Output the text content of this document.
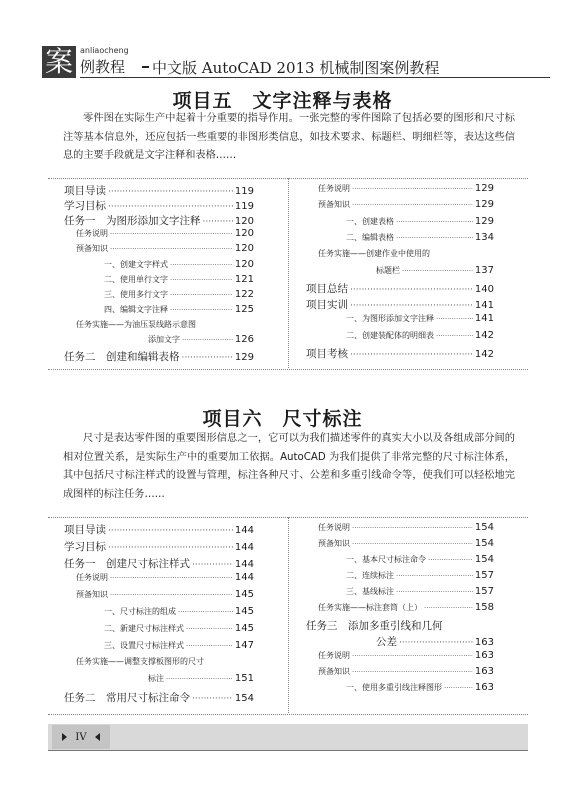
案 anliaocheng
例教程 中文版 AutoCAD 2013 机械制图案例教程
项目五　文字注释与表格

零件图在实际生产中起着十分重要的指导作用。一张完整的零件图除了包括必要的图形和尺寸标注等基本信息外，还应包括一些重要的非图形类信息，如技术要求、标题栏、明细栏等，表达这些信息的主要手段就是文字注释和表格……

项目导读 ·····	119
学习目标 ·····	119
任务一　为图形添加文字注释 ·····	120
任务说明 ·····	120
预备知识 ·····	120
一、创建文字样式 ·····	120
二、使用单行文字 ·····	121
三、使用多行文字 ·····	122
四、编辑文字注释 ·····	125
任务实施——为油压泵线路示意图
添加文字 ·····	126
任务二　创建和编辑表格 ·····	129
任务说明 ·····	129
预备知识 ·····	129
一、创建表格 ·····	129
二、编辑表格 ·····	134
任务实施——创建作业中使用的
标题栏 ·····	137
项目总结 ·····	140
项目实训 ·····	141
一、为图形添加文字注释 ·····	141
二、创建装配体的明细表 ·····	142
项目考核 ·····	142
项目六　尺寸标注

尺寸是表达零件图的重要图形信息之一，它可以为我们描述零件的真实大小以及各组成部分间的相对位置关系，是实际生产中的重要加工依据。AutoCAD 为我们提供了非常完整的尺寸标注体系，其中包括尺寸标注样式的设置与管理，标注各种尺寸、公差和多重引线命令等，使我们可以轻松地完成图样的标注任务……

项目导读 ·····	144
学习目标 ·····	144
任务一　创建尺寸标注样式 ·····	144
任务说明 ·····	144
预备知识 ·····	145
一、尺寸标注的组成 ·····	145
二、新建尺寸标注样式 ·····	145
三、设置尺寸标注样式 ·····	147
任务实施——调整支撑板图形的尺寸
标注 ·····	151
任务二　常用尺寸标注命令 ·····	154
任务说明 ·····	154
预备知识 ·····	154
一、基本尺寸标注命令 ·····	154
二、连续标注 ·····	157
三、基线标注 ·····	157
任务实施——标注套筒（上） ·····	158
任务三　添加多重引线和几何
公差 ·····	163
任务说明 ·····	163
预备知识 ·····	163
一、使用多重引线注释图形 ·····	163
IV
